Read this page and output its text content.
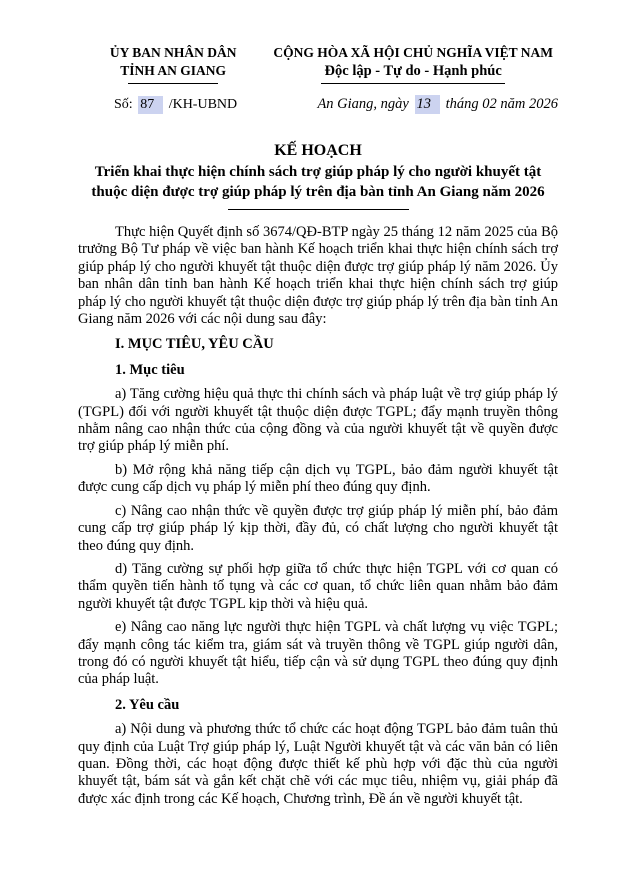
ỦY BAN NHÂN DÂN
TỈNH AN GIANG
CỘNG HÒA XÃ HỘI CHỦ NGHĨA VIỆT NAM
Độc lập - Tự do - Hạnh phúc
Số: 87 /KH-UBND	An Giang, ngày 13 tháng 02 năm 2026
KẾ HOẠCH
Triển khai thực hiện chính sách trợ giúp pháp lý cho người khuyết tật
thuộc diện được trợ giúp pháp lý trên địa bàn tỉnh An Giang năm 2026

Thực hiện Quyết định số 3674/QĐ-BTP ngày 25 tháng 12 năm 2025 của Bộ trưởng Bộ Tư pháp về việc ban hành Kế hoạch triển khai thực hiện chính sách trợ giúp pháp lý cho người khuyết tật thuộc diện được trợ giúp pháp lý năm 2026. Ủy ban nhân dân tỉnh ban hành Kế hoạch triển khai thực hiện chính sách trợ giúp pháp lý cho người khuyết tật thuộc diện được trợ giúp pháp lý trên địa bàn tỉnh An Giang năm 2026 với các nội dung sau đây:

I. MỤC TIÊU, YÊU CẦU

1. Mục tiêu

a) Tăng cường hiệu quả thực thi chính sách và pháp luật về trợ giúp pháp lý (TGPL) đối với người khuyết tật thuộc diện được TGPL; đẩy mạnh truyền thông nhằm nâng cao nhận thức của cộng đồng và của người khuyết tật về quyền được trợ giúp pháp lý miễn phí.

b) Mở rộng khả năng tiếp cận dịch vụ TGPL, bảo đảm người khuyết tật được cung cấp dịch vụ pháp lý miễn phí theo đúng quy định.

c) Nâng cao nhận thức về quyền được trợ giúp pháp lý miễn phí, bảo đảm cung cấp trợ giúp pháp lý kịp thời, đầy đủ, có chất lượng cho người khuyết tật theo đúng quy định.

d) Tăng cường sự phối hợp giữa tổ chức thực hiện TGPL với cơ quan có thẩm quyền tiến hành tố tụng và các cơ quan, tổ chức liên quan nhằm bảo đảm người khuyết tật được TGPL kịp thời và hiệu quả.

e) Nâng cao năng lực người thực hiện TGPL và chất lượng vụ việc TGPL; đẩy mạnh công tác kiểm tra, giám sát và truyền thông về TGPL giúp người dân, trong đó có người khuyết tật hiểu, tiếp cận và sử dụng TGPL theo đúng quy định của pháp luật.

2. Yêu cầu

a) Nội dung và phương thức tổ chức các hoạt động TGPL bảo đảm tuân thủ quy định của Luật Trợ giúp pháp lý, Luật Người khuyết tật và các văn bản có liên quan. Đồng thời, các hoạt động được thiết kế phù hợp với đặc thù của người khuyết tật, bám sát và gắn kết chặt chẽ với các mục tiêu, nhiệm vụ, giải pháp đã được xác định trong các Kế hoạch, Chương trình, Đề án về người khuyết tật.
